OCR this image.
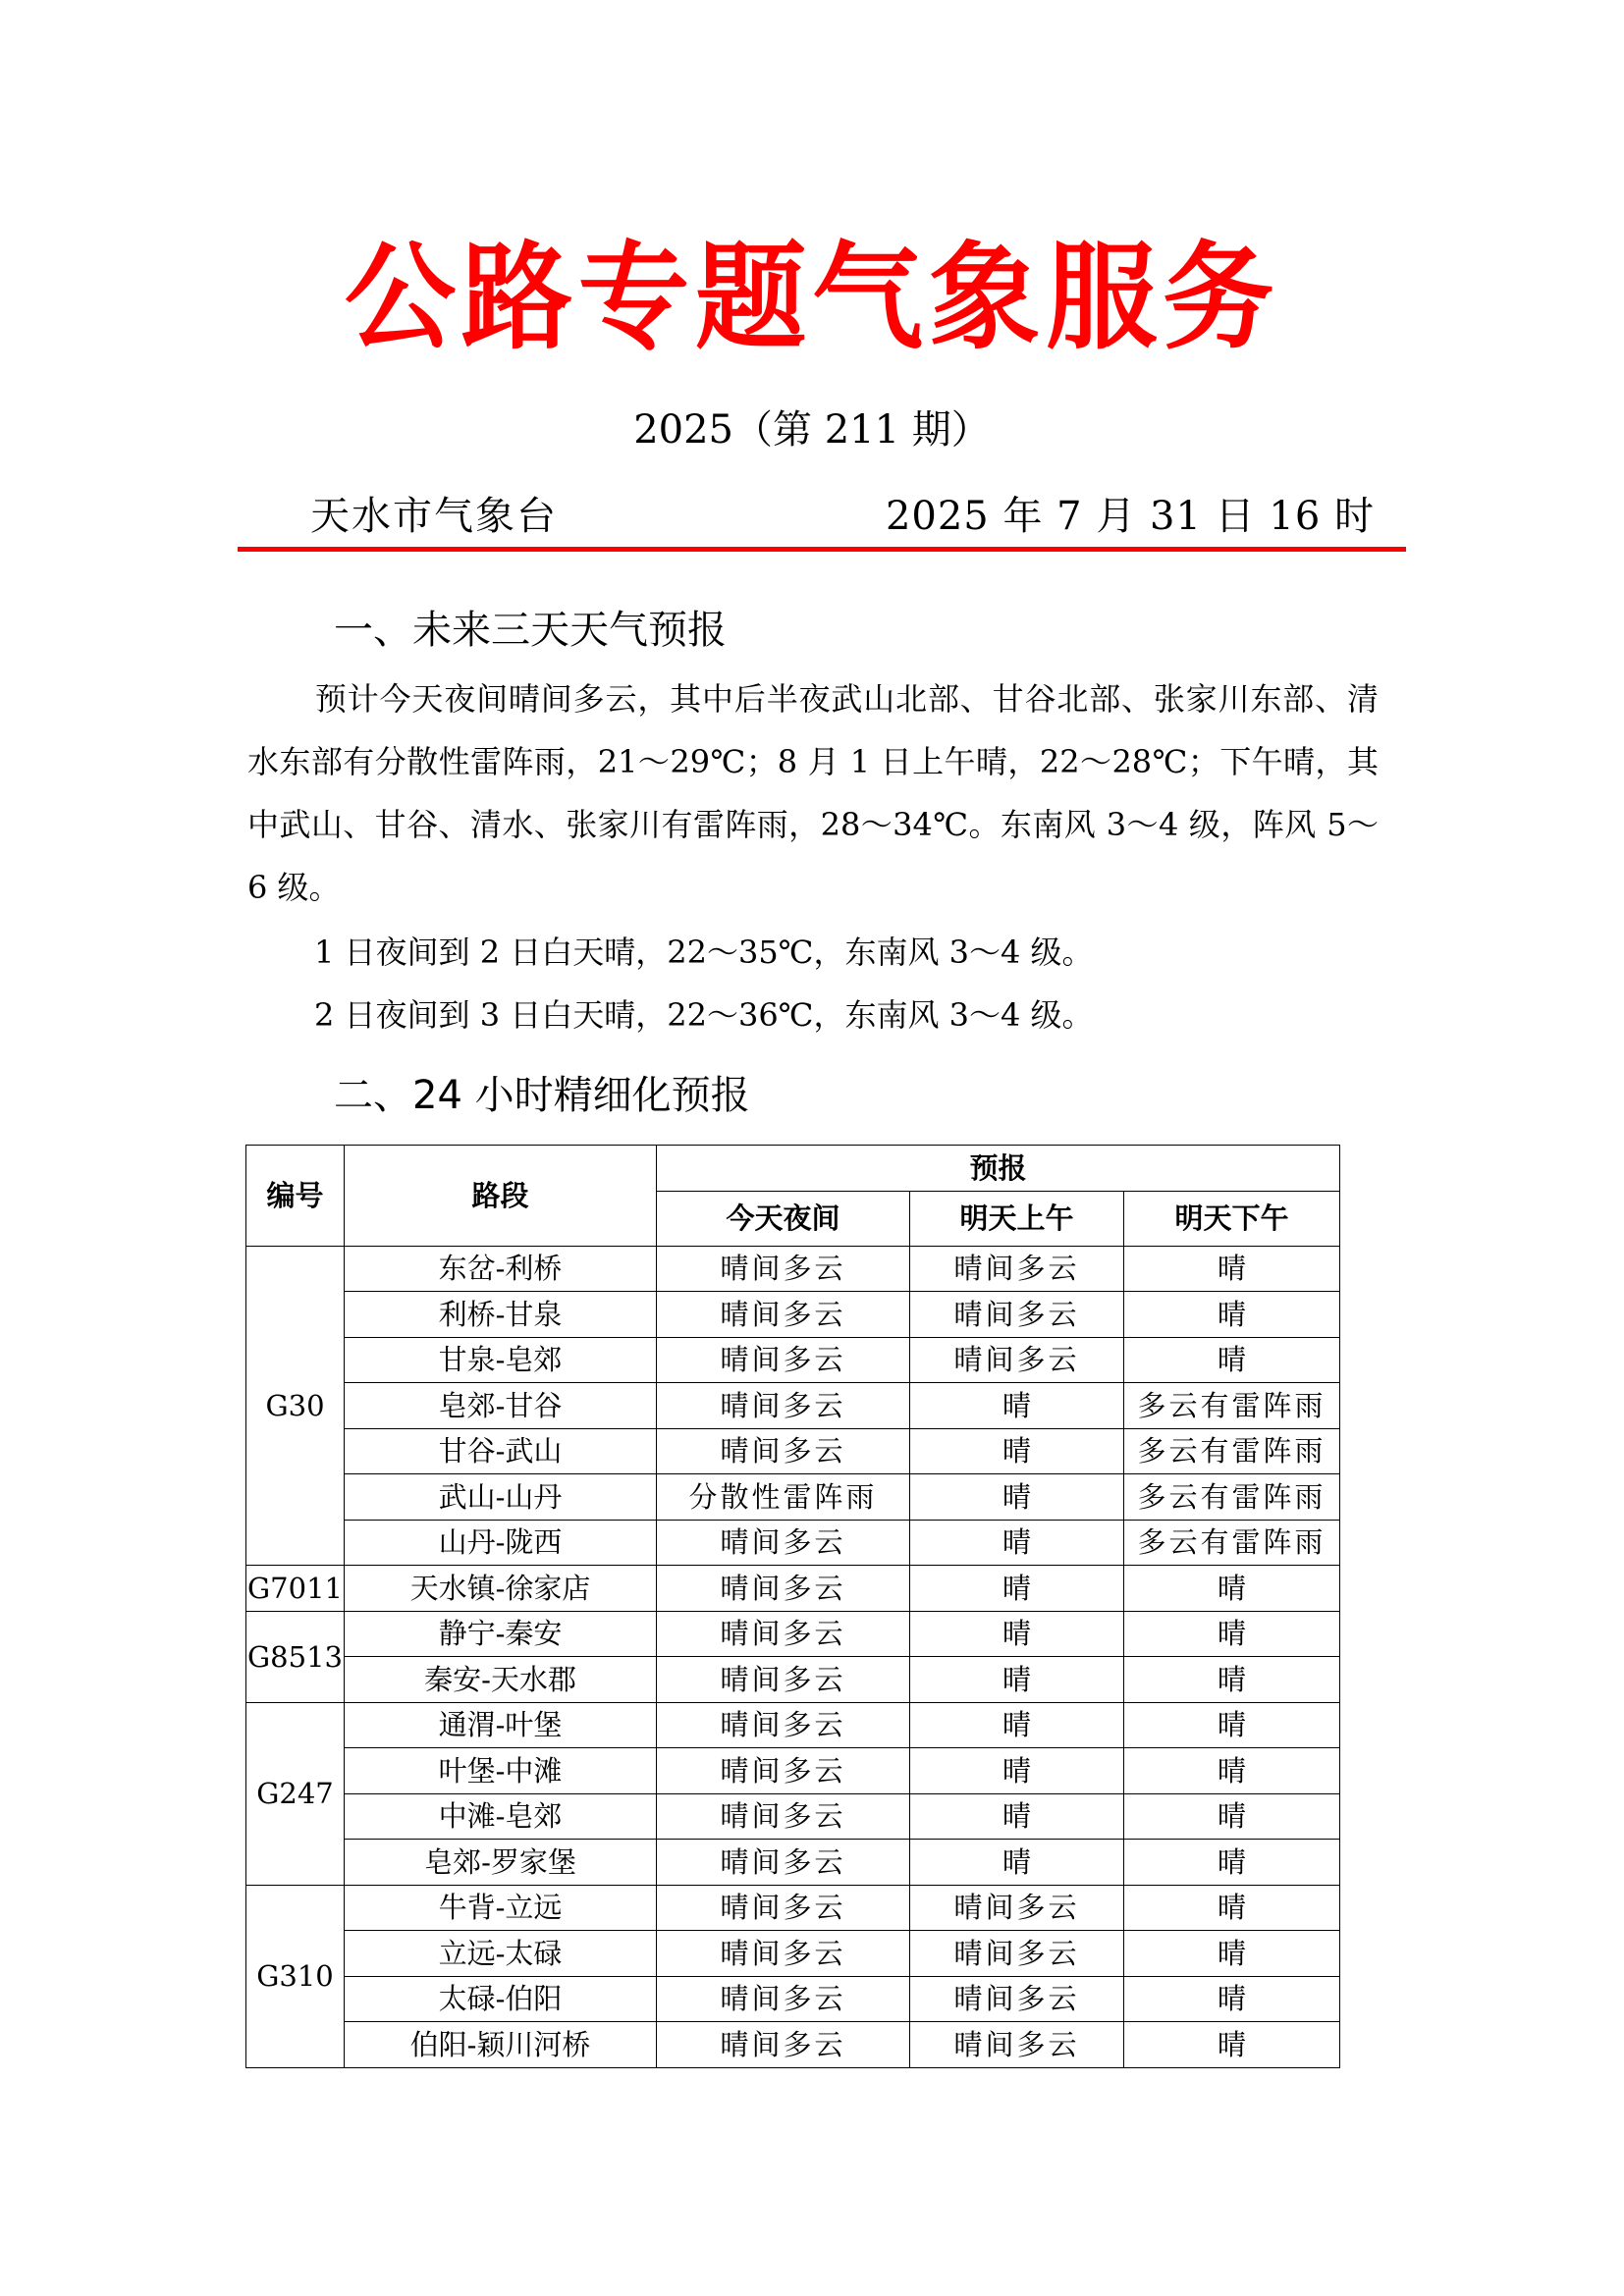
公路专题气象服务
2025（第 211 期）
天水市气象台	2025 年 7 月 31 日 16 时
一、未来三天天气预报

预计今天夜间晴间多云，其中后半夜武山北部、甘谷北部、张家川东部、清水东部有分散性雷阵雨，21～29℃；8 月 1 日上午晴，22～28℃；下午晴，其中武山、甘谷、清水、张家川有雷阵雨，28～34℃。东南风 3～4 级，阵风 5～6 级。

1 日夜间到 2 日白天晴，22～35℃，东南风 3～4 级。

2 日夜间到 3 日白天晴，22～36℃，东南风 3～4 级。

二、24 小时精细化预报
编号	路段	预报		
		今天夜间	明天上午	明天下午
G30	东岔-利桥	晴间多云	晴间多云	晴
	利桥-甘泉	晴间多云	晴间多云	晴
	甘泉-皂郊	晴间多云	晴间多云	晴
	皂郊-甘谷	晴间多云	晴	多云有雷阵雨
	甘谷-武山	晴间多云	晴	多云有雷阵雨
	武山-山丹	分散性雷阵雨	晴	多云有雷阵雨
	山丹-陇西	晴间多云	晴	多云有雷阵雨
G7011	天水镇-徐家店	晴间多云	晴	晴
G8513	静宁-秦安	晴间多云	晴	晴
	秦安-天水郡	晴间多云	晴	晴
G247	通渭-叶堡	晴间多云	晴	晴
	叶堡-中滩	晴间多云	晴	晴
	中滩-皂郊	晴间多云	晴	晴
	皂郊-罗家堡	晴间多云	晴	晴
G310	牛背-立远	晴间多云	晴间多云	晴
	立远-太碌	晴间多云	晴间多云	晴
	太碌-伯阳	晴间多云	晴间多云	晴
	伯阳-颖川河桥	晴间多云	晴间多云	晴
